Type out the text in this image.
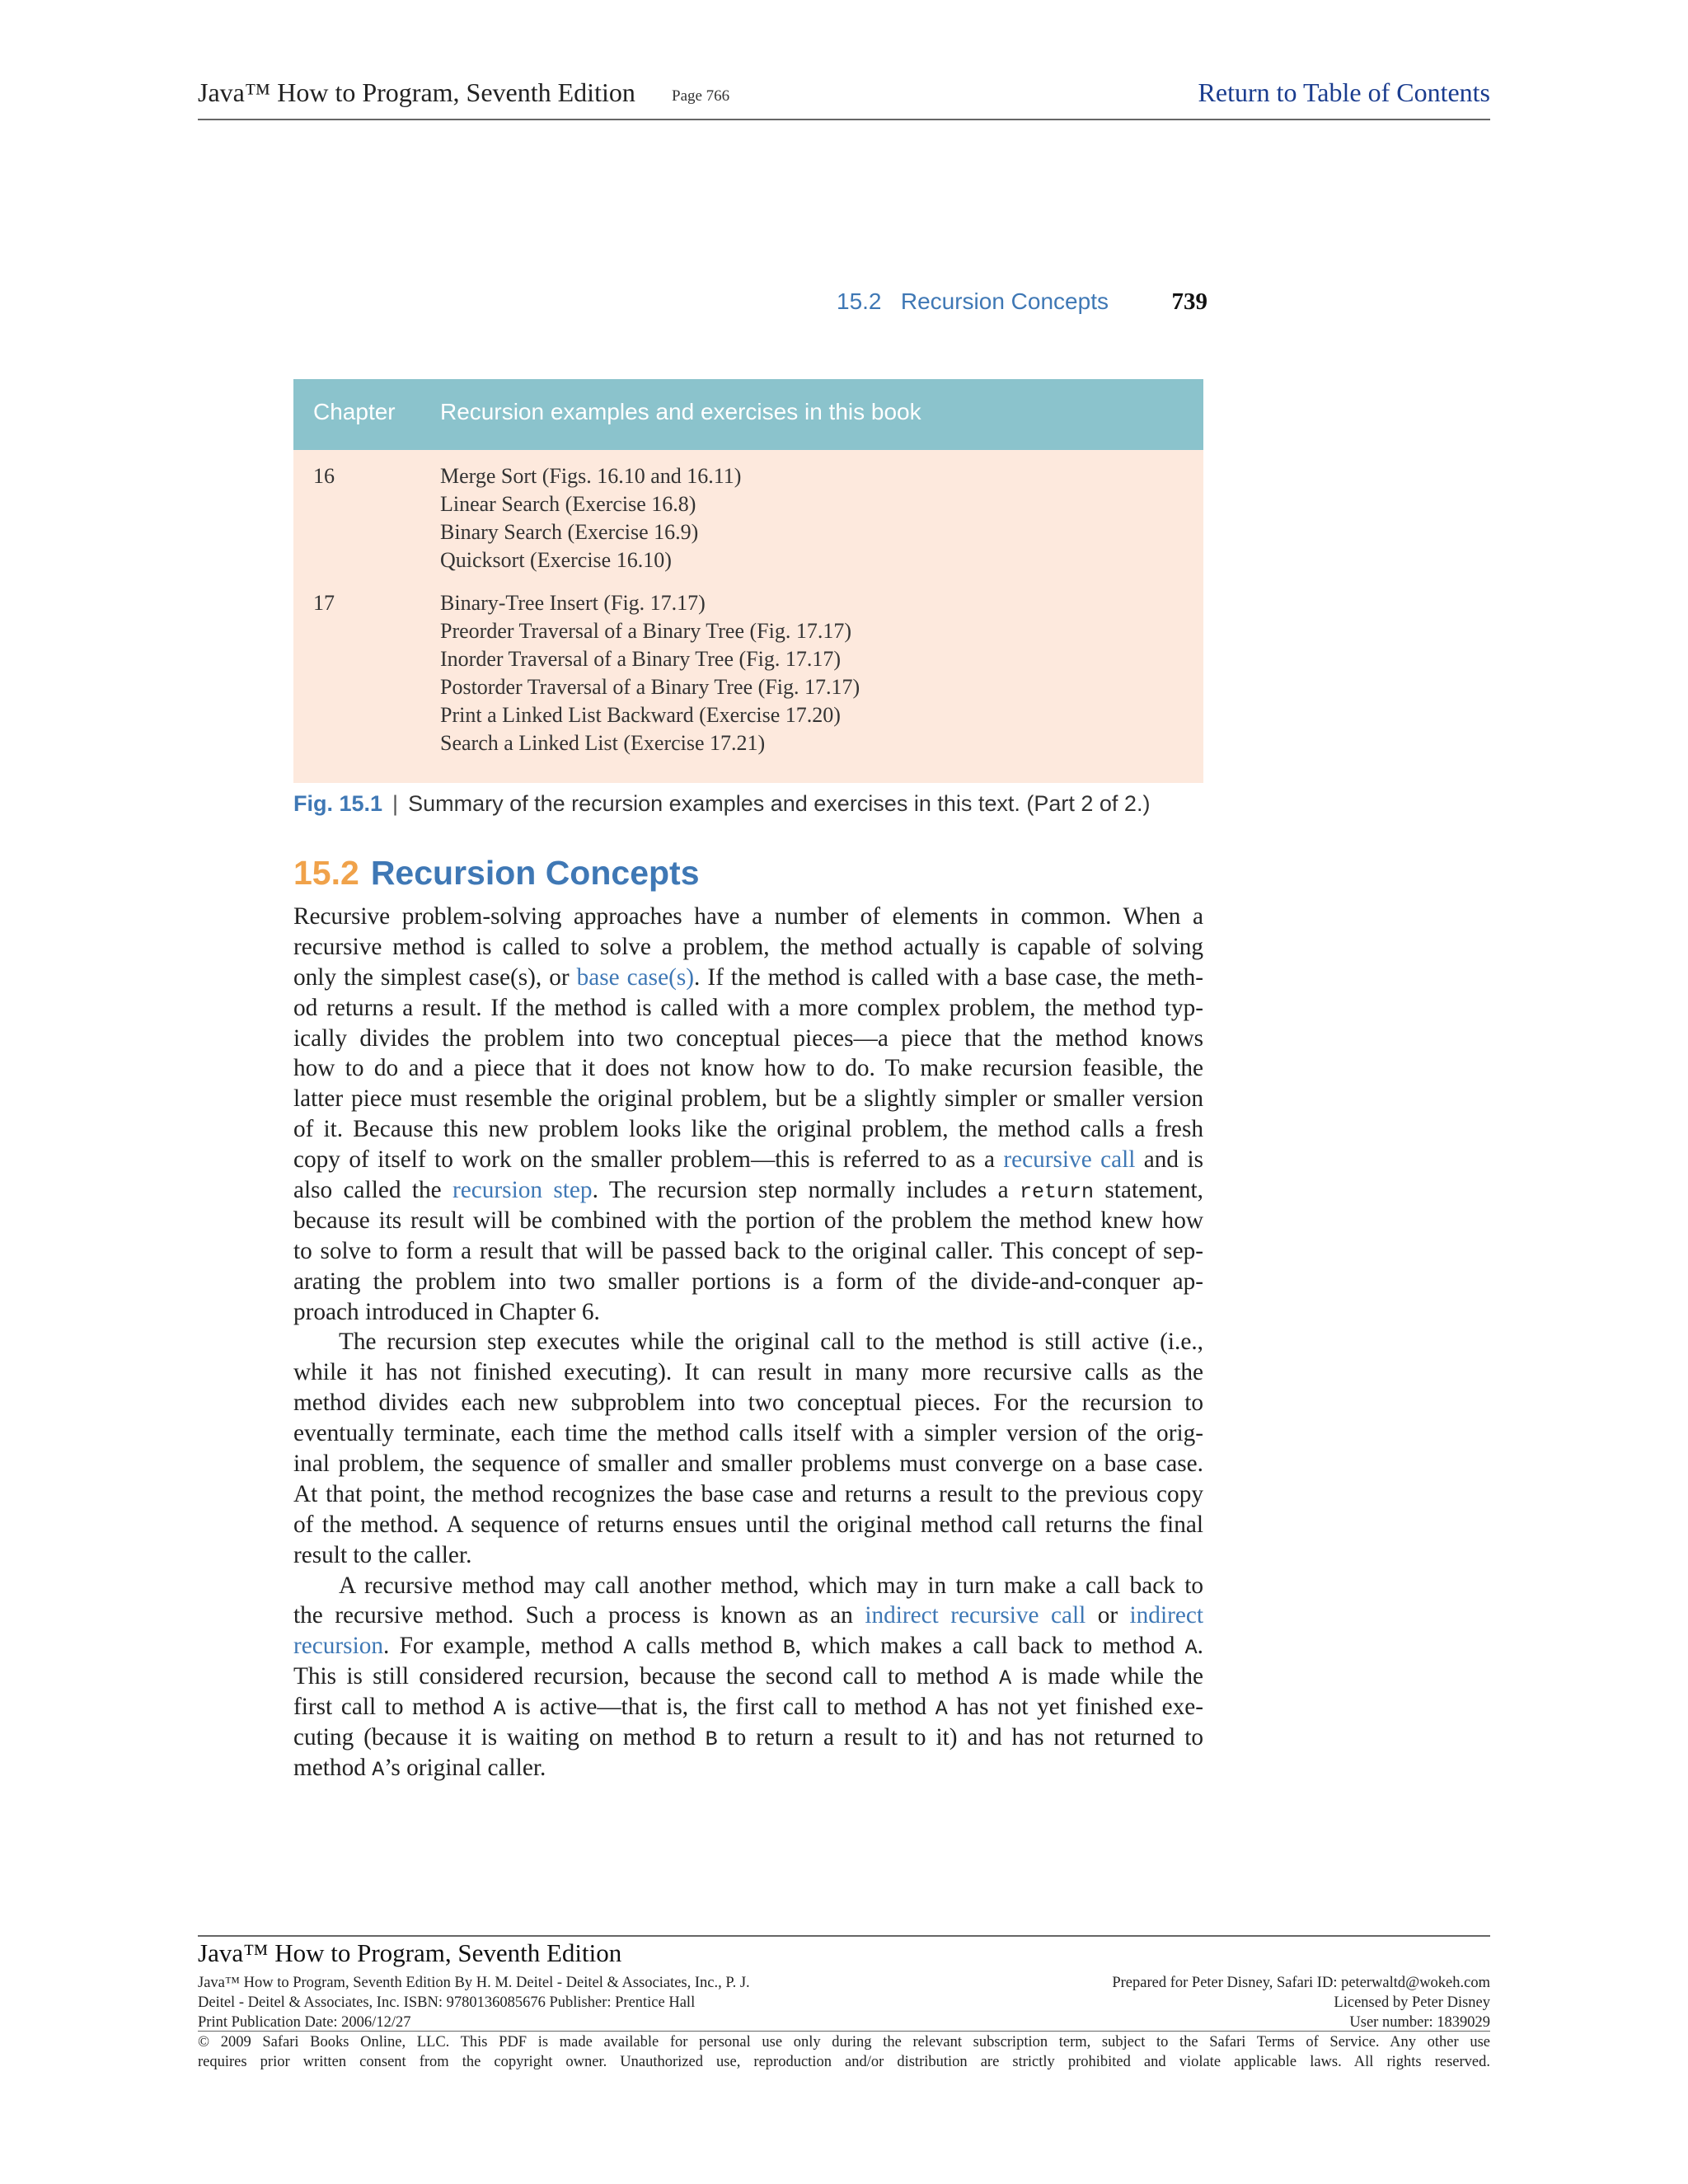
Java™ How to Program, Seventh Edition Page 766	Return to Table of Contents
15.2 Recursion Concepts	739
Chapter Recursion examples and exercises in this book
16	Merge Sort (Figs. 16.10 and 16.11)
Linear Search (Exercise 16.8)
Binary Search (Exercise 16.9)
Quicksort (Exercise 16.10)
17	Binary-Tree Insert (Fig. 17.17)
Preorder Traversal of a Binary Tree (Fig. 17.17)
Inorder Traversal of a Binary Tree (Fig. 17.17)
Postorder Traversal of a Binary Tree (Fig. 17.17)
Print a Linked List Backward (Exercise 17.20)
Search a Linked List (Exercise 17.21)
Fig. 15.1 | Summary of the recursion examples and exercises in this text. (Part 2 of 2.)
15.2 Recursion Concepts
Recursive problem-solving approaches have a number of elements in common. When a
recursive method is called to solve a problem, the method actually is capable of solving
only the simplest case(s), or base case(s). If the method is called with a base case, the meth-
od returns a result. If the method is called with a more complex problem, the method typ-
ically divides the problem into two conceptual pieces—a piece that the method knows
how to do and a piece that it does not know how to do. To make recursion feasible, the
latter piece must resemble the original problem, but be a slightly simpler or smaller version
of it. Because this new problem looks like the original problem, the method calls a fresh
copy of itself to work on the smaller problem—this is referred to as a recursive call and is
also called the recursion step. The recursion step normally includes a return statement,
because its result will be combined with the portion of the problem the method knew how
to solve to form a result that will be passed back to the original caller. This concept of sep-
arating the problem into two smaller portions is a form of the divide-and-conquer ap-
proach introduced in Chapter 6.
The recursion step executes while the original call to the method is still active (i.e.,
while it has not finished executing). It can result in many more recursive calls as the
method divides each new subproblem into two conceptual pieces. For the recursion to
eventually terminate, each time the method calls itself with a simpler version of the orig-
inal problem, the sequence of smaller and smaller problems must converge on a base case.
At that point, the method recognizes the base case and returns a result to the previous copy
of the method. A sequence of returns ensues until the original method call returns the final
result to the caller.
A recursive method may call another method, which may in turn make a call back to
the recursive method. Such a process is known as an indirect recursive call or indirect
recursion. For example, method A calls method B, which makes a call back to method A.
This is still considered recursion, because the second call to method A is made while the
first call to method A is active—that is, the first call to method A has not yet finished exe-
cuting (because it is waiting on method B to return a result to it) and has not returned to
method A’s original caller.
Java™ How to Program, Seventh Edition
Java™ How to Program, Seventh Edition By H. M. Deitel - Deitel & Associates, Inc., P. J.
Deitel - Deitel & Associates, Inc. ISBN: 9780136085676 Publisher: Prentice Hall
Print Publication Date: 2006/12/27
Prepared for Peter Disney, Safari ID: peterwaltd@wokeh.com
Licensed by Peter Disney
User number: 1839029
© 2009 Safari Books Online, LLC. This PDF is made available for personal use only during the relevant subscription term, subject to the Safari Terms of Service. Any other use
requires prior written consent from the copyright owner. Unauthorized use, reproduction and/or distribution are strictly prohibited and violate applicable laws. All rights reserved.
